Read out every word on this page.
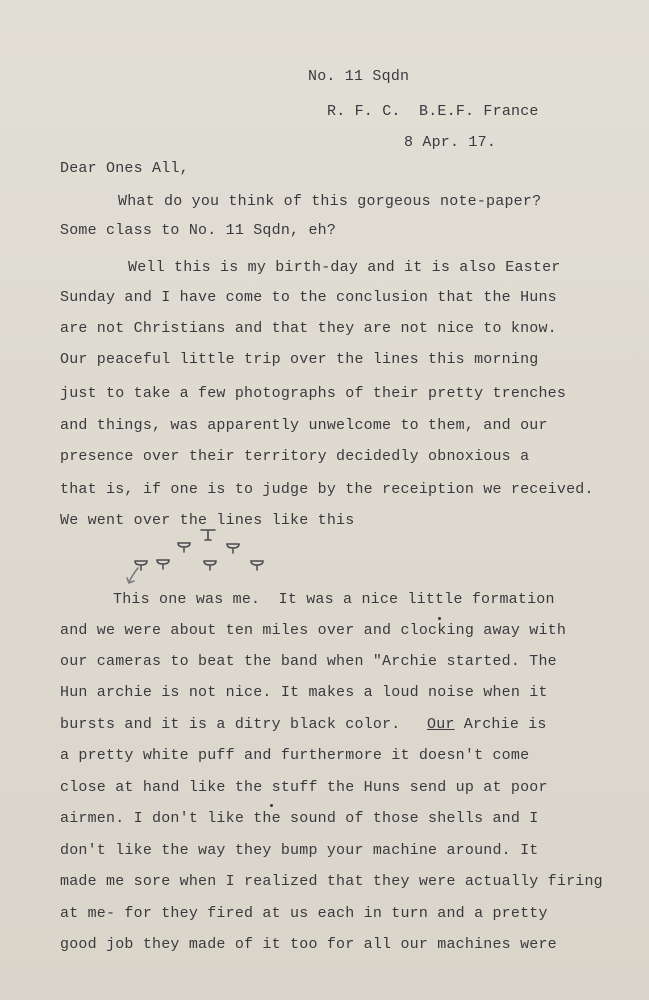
No. 11 Sqdn
R. F. C.  B.E.F. France
8 Apr. 17.
Dear Ones All,
What do you think of this gorgeous note-paper?
Some class to No. 11 Sqdn, eh?
Well this is my birth-day and it is also Easter
Sunday and I have come to the conclusion that the Huns
are not Christians and that they are not nice to know.
Our peaceful little trip over the lines this morning
just to take a few photographs of their pretty trenches
and things, was apparently unwelcome to them, and our
presence over their territory decidedly obnoxious a
that is, if one is to judge by the receiption we received.
We went over the lines like this
This one was me.  It was a nice little formation
and we were about ten miles over and clocking away with
our cameras to beat the band when "Archie started. The
Hun archie is not nice. It makes a loud noise when it
bursts and it is a ditry black color. Our Archie is
a pretty white puff and furthermore it doesn't come
close at hand like the stuff the Huns send up at poor
airmen. I don't like the sound of those shells and I
don't like the way they bump your machine around. It
made me sore when I realized that they were actually firing
at me- for they fired at us each in turn and a pretty
good job they made of it too for all our machines were
